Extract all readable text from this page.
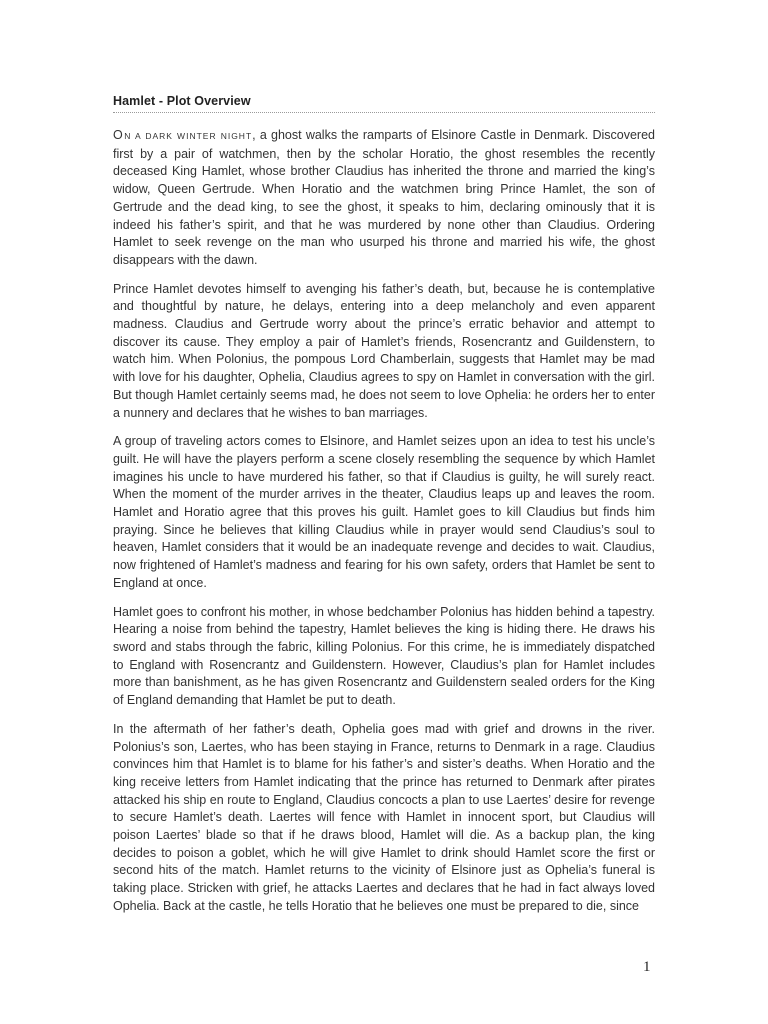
Hamlet - Plot Overview

ON A DARK WINTER NIGHT, a ghost walks the ramparts of Elsinore Castle in Denmark. Discovered first by a pair of watchmen, then by the scholar Horatio, the ghost resembles the recently deceased King Hamlet, whose brother Claudius has inherited the throne and married the king’s widow, Queen Gertrude. When Horatio and the watchmen bring Prince Hamlet, the son of Gertrude and the dead king, to see the ghost, it speaks to him, declaring ominously that it is indeed his father’s spirit, and that he was murdered by none other than Claudius. Ordering Hamlet to seek revenge on the man who usurped his throne and married his wife, the ghost disappears with the dawn.

Prince Hamlet devotes himself to avenging his father’s death, but, because he is contemplative and thoughtful by nature, he delays, entering into a deep melancholy and even apparent madness. Claudius and Gertrude worry about the prince’s erratic behavior and attempt to discover its cause. They employ a pair of Hamlet’s friends, Rosencrantz and Guildenstern, to watch him. When Polonius, the pompous Lord Chamberlain, suggests that Hamlet may be mad with love for his daughter, Ophelia, Claudius agrees to spy on Hamlet in conversation with the girl. But though Hamlet certainly seems mad, he does not seem to love Ophelia: he orders her to enter a nunnery and declares that he wishes to ban marriages.

A group of traveling actors comes to Elsinore, and Hamlet seizes upon an idea to test his uncle’s guilt. He will have the players perform a scene closely resembling the sequence by which Hamlet imagines his uncle to have murdered his father, so that if Claudius is guilty, he will surely react. When the moment of the murder arrives in the theater, Claudius leaps up and leaves the room. Hamlet and Horatio agree that this proves his guilt. Hamlet goes to kill Claudius but finds him praying. Since he believes that killing Claudius while in prayer would send Claudius’s soul to heaven, Hamlet considers that it would be an inadequate revenge and decides to wait. Claudius, now frightened of Hamlet’s madness and fearing for his own safety, orders that Hamlet be sent to England at once.

Hamlet goes to confront his mother, in whose bedchamber Polonius has hidden behind a tapestry. Hearing a noise from behind the tapestry, Hamlet believes the king is hiding there. He draws his sword and stabs through the fabric, killing Polonius. For this crime, he is immediately dispatched to England with Rosencrantz and Guildenstern. However, Claudius’s plan for Hamlet includes more than banishment, as he has given Rosencrantz and Guildenstern sealed orders for the King of England demanding that Hamlet be put to death.

In the aftermath of her father’s death, Ophelia goes mad with grief and drowns in the river. Polonius’s son, Laertes, who has been staying in France, returns to Denmark in a rage. Claudius convinces him that Hamlet is to blame for his father’s and sister’s deaths. When Horatio and the king receive letters from Hamlet indicating that the prince has returned to Denmark after pirates attacked his ship en route to England, Claudius concocts a plan to use Laertes’ desire for revenge to secure Hamlet’s death. Laertes will fence with Hamlet in innocent sport, but Claudius will poison Laertes’ blade so that if he draws blood, Hamlet will die. As a backup plan, the king decides to poison a goblet, which he will give Hamlet to drink should Hamlet score the first or second hits of the match. Hamlet returns to the vicinity of Elsinore just as Ophelia’s funeral is taking place. Stricken with grief, he attacks Laertes and declares that he had in fact always loved Ophelia. Back at the castle, he tells Horatio that he believes one must be prepared to die, since

1
